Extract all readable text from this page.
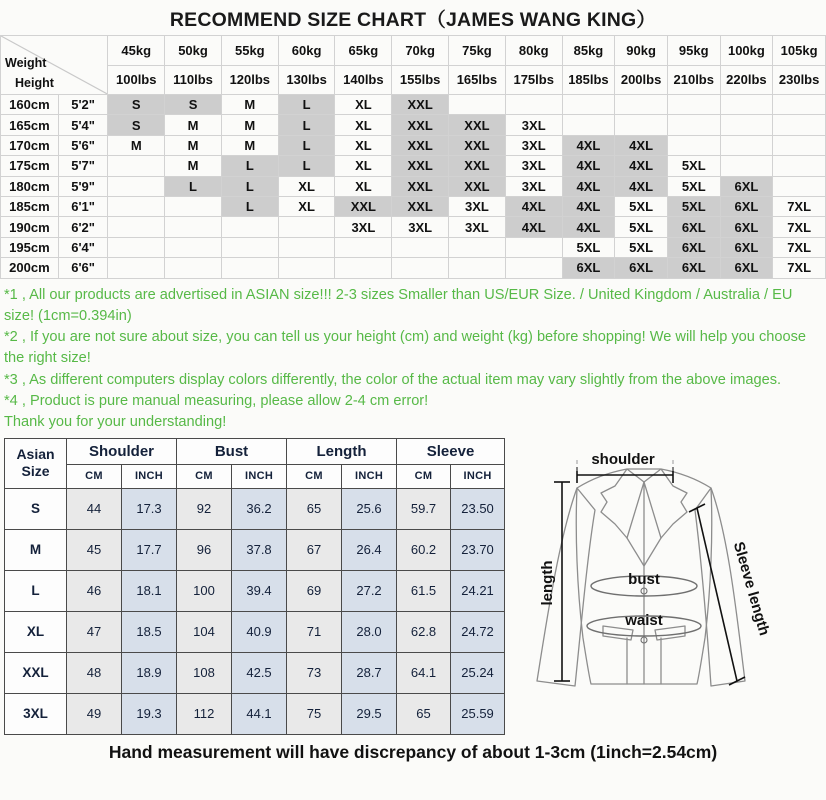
RECOMMEND SIZE CHART（JAMES WANG KING）
Weight
Height		45kg	50kg	55kg	60kg	65kg	70kg	75kg	80kg	85kg	90kg	95kg	100kg	105kg
		100lbs	110lbs	120lbs	130lbs	140lbs	155lbs	165lbs	175lbs	185lbs	200lbs	210lbs	220lbs	230lbs
160cm	5'2"	S	S	M	L	XL	XXL							
165cm	5'4"	S	M	M	L	XL	XXL	XXL	3XL					
170cm	5'6"	M	M	M	L	XL	XXL	XXL	3XL	4XL	4XL			
175cm	5'7"		M	L	L	XL	XXL	XXL	3XL	4XL	4XL	5XL		
180cm	5'9"		L	L	XL	XL	XXL	XXL	3XL	4XL	4XL	5XL	6XL	
185cm	6'1"			L	XL	XXL	XXL	3XL	4XL	4XL	5XL	5XL	6XL	7XL
190cm	6'2"					3XL	3XL	3XL	4XL	4XL	5XL	6XL	6XL	7XL
195cm	6'4"									5XL	5XL	6XL	6XL	7XL
200cm	6'6"									6XL	6XL	6XL	6XL	7XL

*1 , All our products are advertised in ASIAN size!!! 2-3 sizes Smaller than US/EUR Size. / United Kingdom / Australia / EU size! (1cm=0.394in)

*2 , If you are not sure about size, you can tell us your height (cm) and weight (kg) before shopping! We will help you choose the right size!

*3 , As different computers display colors differently, the color of the actual item may vary slightly from the above images.

*4 , Product is pure manual measuring, please allow 2-4 cm error!

Thank you for your understanding!

Asian
Size	Shoulder		Bust		Length		Sleeve	
	CM	INCH	CM	INCH	CM	INCH	CM	INCH
S	44	17.3	92	36.2	65	25.6	59.7	23.50
M	45	17.7	96	37.8	67	26.4	60.2	23.70
L	46	18.1	100	39.4	69	27.2	61.5	24.21
XL	47	18.5	104	40.9	71	28.0	62.8	24.72
XXL	48	18.9	108	42.5	73	28.7	64.1	25.24
3XL	49	19.3	112	44.1	75	29.5	65	25.59
shoulder
length	bust
waist	Sleeve length
Hand measurement will have discrepancy of about 1-3cm (1inch=2.54cm)
